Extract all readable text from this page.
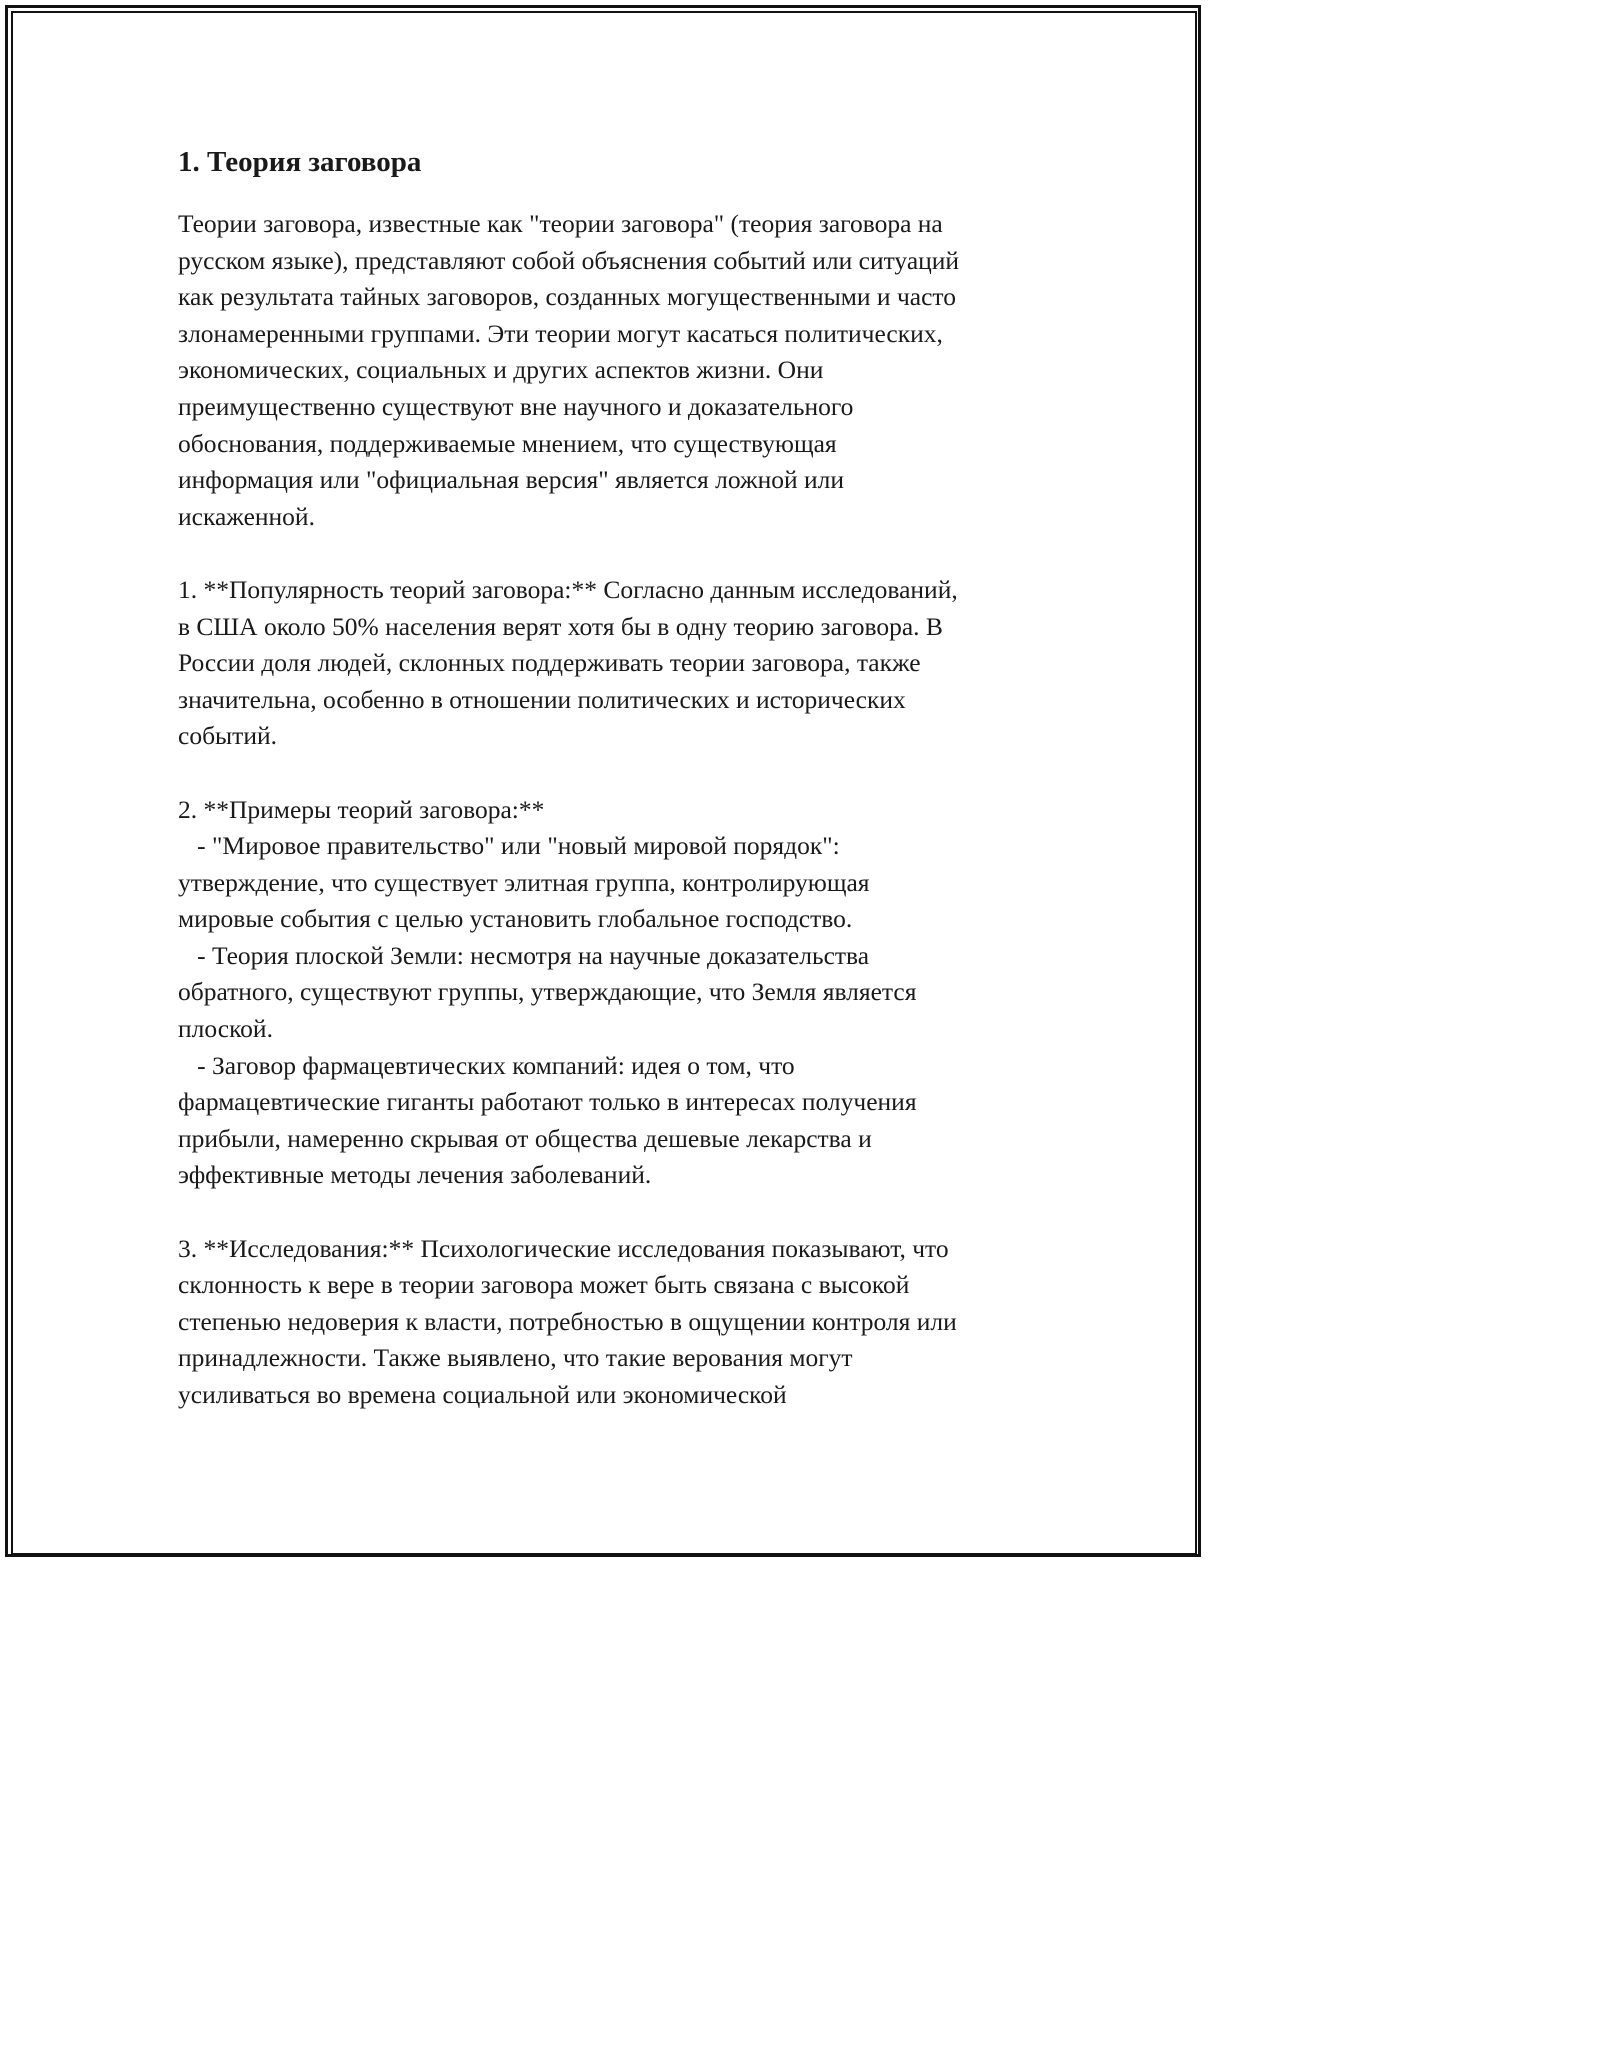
1. Теория заговора
Теории заговора, известные как "теории заговора" (теория заговора на
русском языке), представляют собой объяснения событий или ситуаций
как результата тайных заговоров, созданных могущественными и часто
злонамеренными группами. Эти теории могут касаться политических,
экономических, социальных и других аспектов жизни. Они
преимущественно существуют вне научного и доказательного
обоснования, поддерживаемые мнением, что существующая
информация или "официальная версия" является ложной или
искаженной.
1. **Популярность теорий заговора:** Согласно данным исследований,
в США около 50% населения верят хотя бы в одну теорию заговора. В
России доля людей, склонных поддерживать теории заговора, также
значительна, особенно в отношении политических и исторических
событий.
2. **Примеры теорий заговора:**
- "Мировое правительство" или "новый мировой порядок":
утверждение, что существует элитная группа, контролирующая
мировые события с целью установить глобальное господство.
- Теория плоской Земли: несмотря на научные доказательства
обратного, существуют группы, утверждающие, что Земля является
плоской.
- Заговор фармацевтических компаний: идея о том, что
фармацевтические гиганты работают только в интересах получения
прибыли, намеренно скрывая от общества дешевые лекарства и
эффективные методы лечения заболеваний.
3. **Исследования:** Психологические исследования показывают, что
склонность к вере в теории заговора может быть связана с высокой
степенью недоверия к власти, потребностью в ощущении контроля или
принадлежности. Также выявлено, что такие верования могут
усиливаться во времена социальной или экономической
